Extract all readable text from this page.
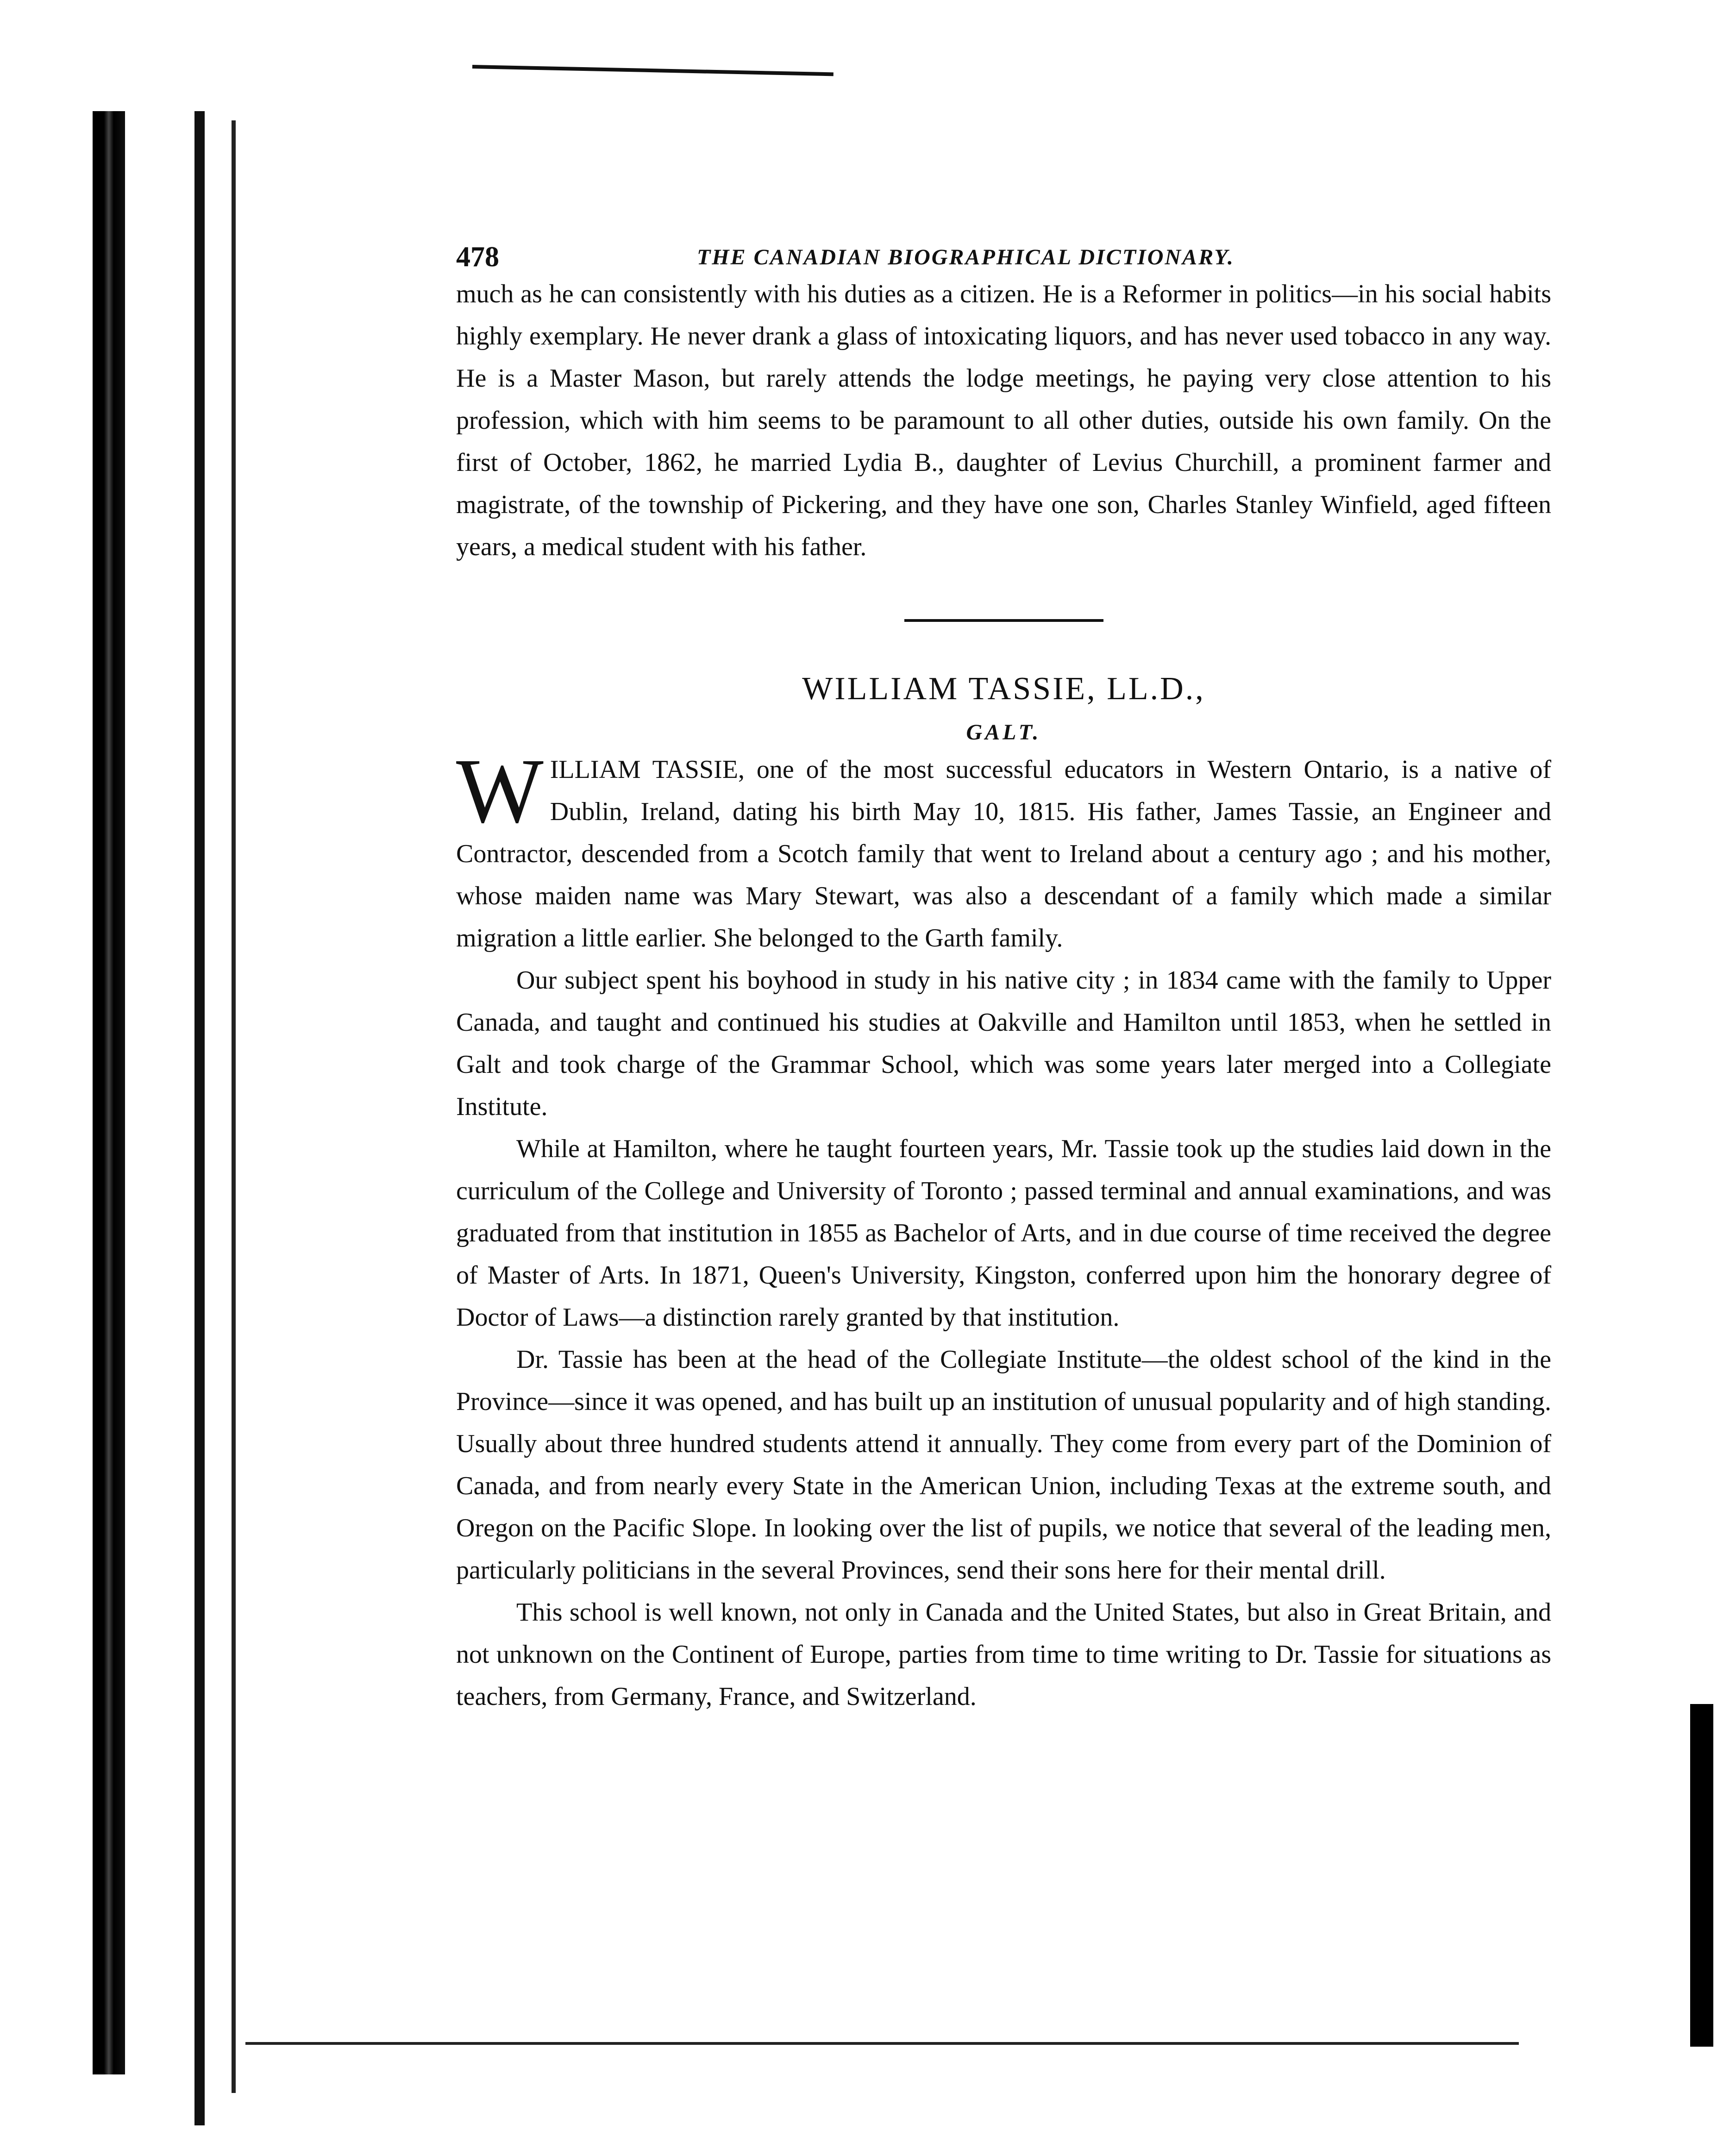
478	THE CANADIAN BIOGRAPHICAL DICTIONARY.

much as he can consistently with his duties as a citizen. He is a Reformer in politics—in his social habits highly exemplary. He never drank a glass of intoxicating liquors, and has never used tobacco in any way. He is a Master Mason, but rarely attends the lodge meetings, he paying very close attention to his profession, which with him seems to be paramount to all other duties, outside his own family. On the first of October, 1862, he married Lydia B., daughter of Levius Churchill, a prominent farmer and magistrate, of the township of Pickering, and they have one son, Charles Stanley Winfield, aged fifteen years, a medical student with his father.

WILLIAM TASSIE, LL.D.,
GALT.

WILLIAM TASSIE, one of the most successful educators in Western Ontario, is a native of Dublin, Ireland, dating his birth May 10, 1815. His father, James Tassie, an Engineer and Contractor, descended from a Scotch family that went to Ireland about a century ago ; and his mother, whose maiden name was Mary Stewart, was also a descendant of a family which made a similar migration a little earlier. She belonged to the Garth family.

Our subject spent his boyhood in study in his native city ; in 1834 came with the family to Upper Canada, and taught and continued his studies at Oakville and Hamilton until 1853, when he settled in Galt and took charge of the Grammar School, which was some years later merged into a Collegiate Institute.

While at Hamilton, where he taught fourteen years, Mr. Tassie took up the studies laid down in the curriculum of the College and University of Toronto ; passed terminal and annual examinations, and was graduated from that institution in 1855 as Bachelor of Arts, and in due course of time received the degree of Master of Arts. In 1871, Queen's University, Kingston, conferred upon him the honorary degree of Doctor of Laws—a distinction rarely granted by that institution.

Dr. Tassie has been at the head of the Collegiate Institute—the oldest school of the kind in the Province—since it was opened, and has built up an institution of unusual popularity and of high standing. Usually about three hundred students attend it annually. They come from every part of the Dominion of Canada, and from nearly every State in the American Union, including Texas at the extreme south, and Oregon on the Pacific Slope. In looking over the list of pupils, we notice that several of the leading men, particularly politicians in the several Provinces, send their sons here for their mental drill.

This school is well known, not only in Canada and the United States, but also in Great Britain, and not unknown on the Continent of Europe, parties from time to time writing to Dr. Tassie for situations as teachers, from Germany, France, and Switzerland.
